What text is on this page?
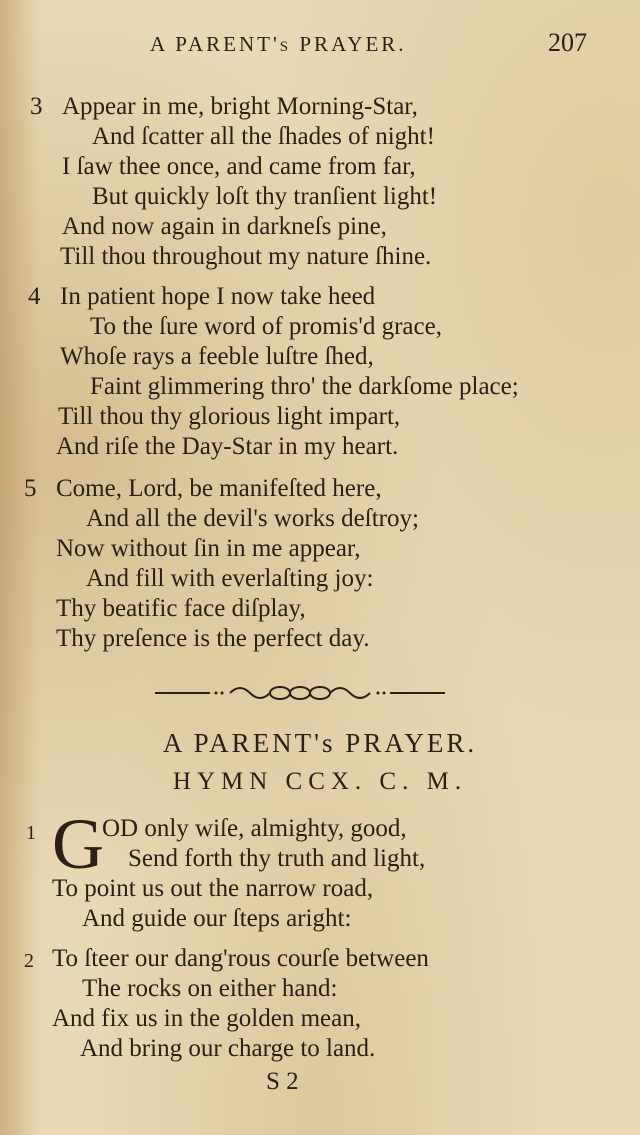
A PARENT's PRAYER.	207
3 Appear in me, bright Morning-Star,
And ſcatter all the ſhades of night!
I ſaw thee once, and came from far,
But quickly loſt thy tranſient light!
And now again in darkneſs pine,
Till thou throughout my nature ſhine.
4 In patient hope I now take heed
To the ſure word of promis'd grace,
Whoſe rays a feeble luſtre ſhed,
Faint glimmering thro' the darkſome place;
Till thou thy glorious light impart,
And riſe the Day-Star in my heart.
5 Come, Lord, be manifeſted here,
And all the devil's works deſtroy;
Now without ſin in me appear,
And fill with everlaſting joy:
Thy beatific face diſplay,
Thy preſence is the perfect day.
A PARENT's PRAYER.
HYMN CCX. C. M.
1 G
OD only wiſe, almighty, good,
Send forth thy truth and light,
To point us out the narrow road,
And guide our ſteps aright:
2 To ſteer our dang'rous courſe between
The rocks on either hand:
And fix us in the golden mean,
And bring our charge to land.
S 2
